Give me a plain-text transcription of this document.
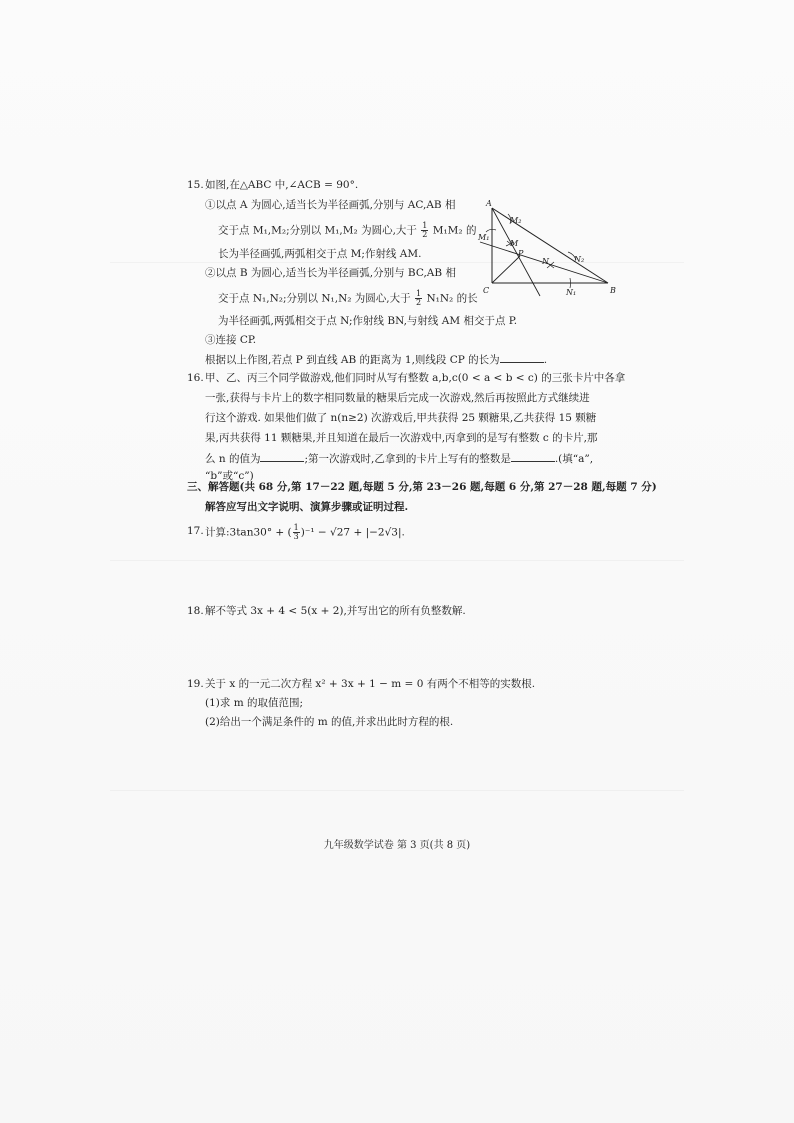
15. 如图,在△ABC 中,∠ACB = 90°.
①以点 A 为圆心,适当长为半径画弧,分别与 AC,AB 相
交于点 M₁,M₂;分别以 M₁,M₂ 为圆心,大于 $\frac{1}{2} M_1M_2$ 的
长为半径画弧,两弧相交于点 M;作射线 AM.
②以点 B 为圆心,适当长为半径画弧,分别与 BC,AB 相
交于点 N₁,N₂;分别以 N₁,N₂ 为圆心,大于 $\frac{1}{2} N_1N_2$ 的长
为半径画弧,两弧相交于点 N;作射线 BN,与射线 AM 相交于点 P.
③连接 CP.
根据以上作图,若点 P 到直线 AB 的距离为 1,则线段 CP 的长为	.
A
B
C
P
M
N
M₁
M₂
N₁
N₂
16. 甲、乙、丙三个同学做游戏,他们同时从写有整数 a,b,c(0 < a < b < c) 的三张卡片中各拿
一张,获得与卡片上的数字相同数量的糖果后完成一次游戏,然后再按照此方式继续进
行这个游戏. 如果他们做了 n(n≥2) 次游戏后,甲共获得 25 颗糖果,乙共获得 15 颗糖
果,丙共获得 11 颗糖果,并且知道在最后一次游戏中,丙拿到的是写有整数 c 的卡片,那
么 n 的值为	;第一次游戏时,乙拿到的卡片上写有的整数是	.(填“a”,
“b”或“c”)
三、解答题(共 68 分,第 17－22 题,每题 5 分,第 23－26 题,每题 6 分,第 27－28 题,每题 7 分)
解答应写出文字说明、演算步骤或证明过程.
17. 计算:3tan30° + ( $\frac{1}{3} )^{-1} - √27 + |-2√3|$.
18. 解不等式 3x + 4 < 5(x + 2),并写出它的所有负整数解.
19. 关于 x 的一元二次方程 x² + 3x + 1 − m = 0 有两个不相等的实数根.
(1)求 m 的取值范围;
(2)给出一个满足条件的 m 的值,并求出此时方程的根.
九年级数学试卷 第 3 页(共 8 页)
